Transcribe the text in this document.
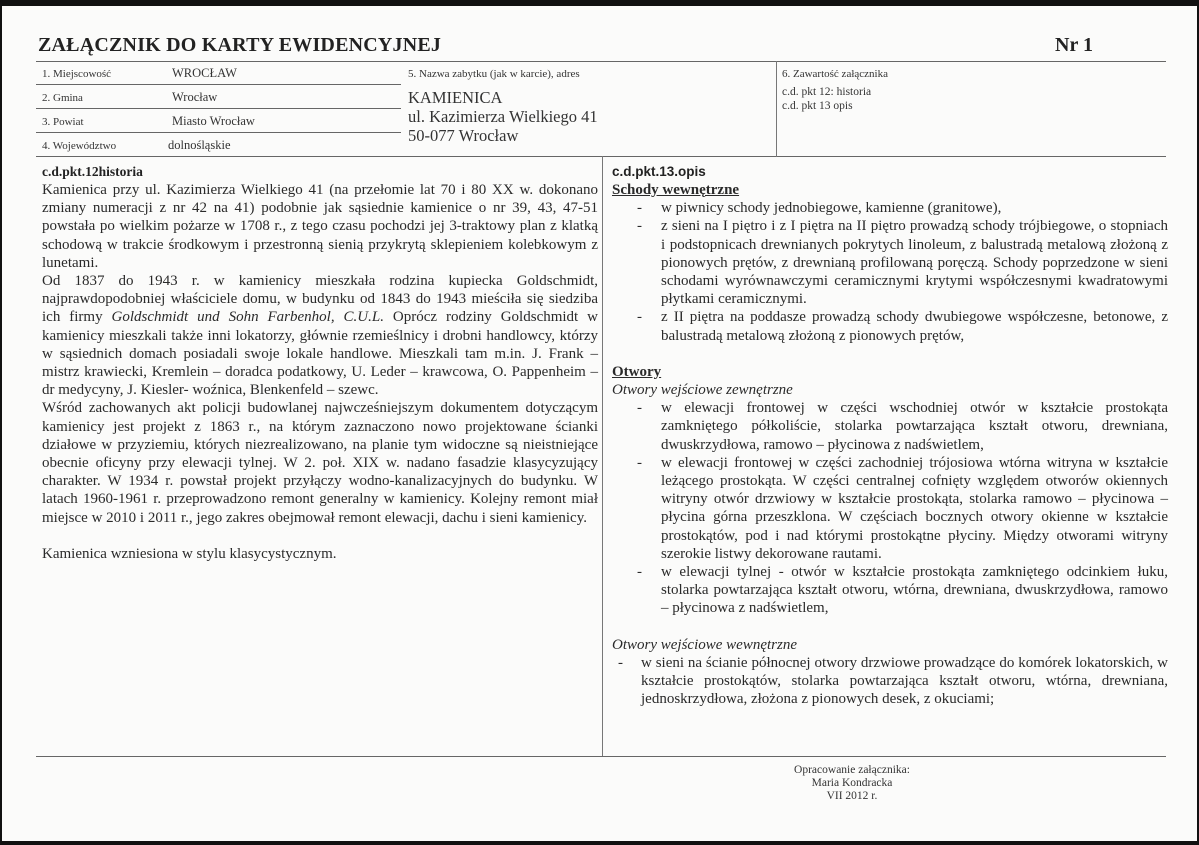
ZAŁĄCZNIK DO KARTY EWIDENCYJNEJ	Nr 1
1. Miejscowość	WROCŁAW
2. Gmina	Wrocław
3. Powiat	Miasto Wrocław
4. Województwo	dolnośląskie
5. Nazwa zabytku (jak w karcie), adres
KAMIENICA
ul. Kazimierza Wielkiego 41
50-077 Wrocław
6. Zawartość załącznika
c.d. pkt 12: historia
c.d. pkt 13 opis
c.d.pkt.12historia

Kamienica przy ul. Kazimierza Wielkiego 41 (na przełomie lat 70 i 80 XX w. dokonano zmiany numeracji z nr 42 na 41) podobnie jak sąsiednie kamienice o nr 39, 43, 47-51 powstała po wielkim pożarze w 1708 r., z tego czasu pochodzi jej 3-traktowy plan z klatką schodową w trakcie środkowym i przestronną sienią przykrytą sklepieniem kolebkowym z lunetami.

Od 1837 do 1943 r. w kamienicy mieszkała rodzina kupiecka Goldschmidt, najprawdopodobniej właściciele domu, w budynku od 1843 do 1943 mieściła się siedziba ich firmy Goldschmidt und Sohn Farbenhol, C.U.L. Oprócz rodziny Goldschmidt w kamienicy mieszkali także inni lokatorzy, głównie rzemieślnicy i drobni handlowcy, którzy w sąsiednich domach posiadali swoje lokale handlowe. Mieszkali tam m.in. J. Frank – mistrz krawiecki, Kremlein – doradca podatkowy, U. Leder – krawcowa, O. Pappenheim – dr medycyny, J. Kiesler- woźnica, Blenkenfeld – szewc.

Wśród zachowanych akt policji budowlanej najwcześniejszym dokumentem dotyczącym kamienicy jest projekt z 1863 r., na którym zaznaczono nowo projektowane ścianki działowe w przyziemiu, których niezrealizowano, na planie tym widoczne są nieistniejące obecnie oficyny przy elewacji tylnej. W 2. poł. XIX w. nadano fasadzie klasycyzujący charakter. W 1934 r. powstał projekt przyłączy wodno-kanalizacyjnych do budynku. W latach 1960-1961 r. przeprowadzono remont generalny w kamienicy. Kolejny remont miał miejsce w 2010 i 2011 r., jego zakres obejmował remont elewacji, dachu i sieni kamienicy.

Kamienica wzniesiona w stylu klasycystycznym.

c.d.pkt.13.opis
Schody wewnętrzne
- w piwnicy schody jednobiegowe, kamienne (granitowe),
- z sieni na I piętro i z I piętra na II piętro prowadzą schody trójbiegowe, o stopniach i podstopnicach drewnianych pokrytych linoleum, z balustradą metalową złożoną z pionowych prętów, z drewnianą profilowaną poręczą. Schody poprzedzone w sieni schodami wyrównawczymi ceramicznymi krytymi współczesnymi kwadratowymi płytkami ceramicznymi.
- z II piętra na poddasze prowadzą schody dwubiegowe współczesne, betonowe, z balustradą metalową złożoną z pionowych prętów,
Otwory
Otwory wejściowe zewnętrzne
- w elewacji frontowej w części wschodniej otwór w kształcie prostokąta zamkniętego półkoliście, stolarka powtarzająca kształt otworu, drewniana, dwuskrzydłowa, ramowo – płycinowa z nadświetlem,
- w elewacji frontowej w części zachodniej trójosiowa wtórna witryna w kształcie leżącego prostokąta. W części centralnej cofnięty względem otworów okiennych witryny otwór drzwiowy w kształcie prostokąta, stolarka ramowo – płycinowa – płycina górna przeszklona. W częściach bocznych otwory okienne w kształcie prostokątów, pod i nad którymi prostokątne płyciny. Między otworami witryny szerokie listwy dekorowane rautami.
- w elewacji tylnej - otwór w kształcie prostokąta zamkniętego odcinkiem łuku, stolarka powtarzająca kształt otworu, wtórna, drewniana, dwuskrzydłowa, ramowo – płycinowa z nadświetlem,
Otwory wejściowe wewnętrzne
- w sieni na ścianie północnej otwory drzwiowe prowadzące do komórek lokatorskich, w kształcie prostokątów, stolarka powtarzająca kształt otworu, wtórna, drewniana, jednoskrzydłowa, złożona z pionowych desek, z okuciami;
Opracowanie załącznika:
Maria Kondracka
VII 2012 r.
